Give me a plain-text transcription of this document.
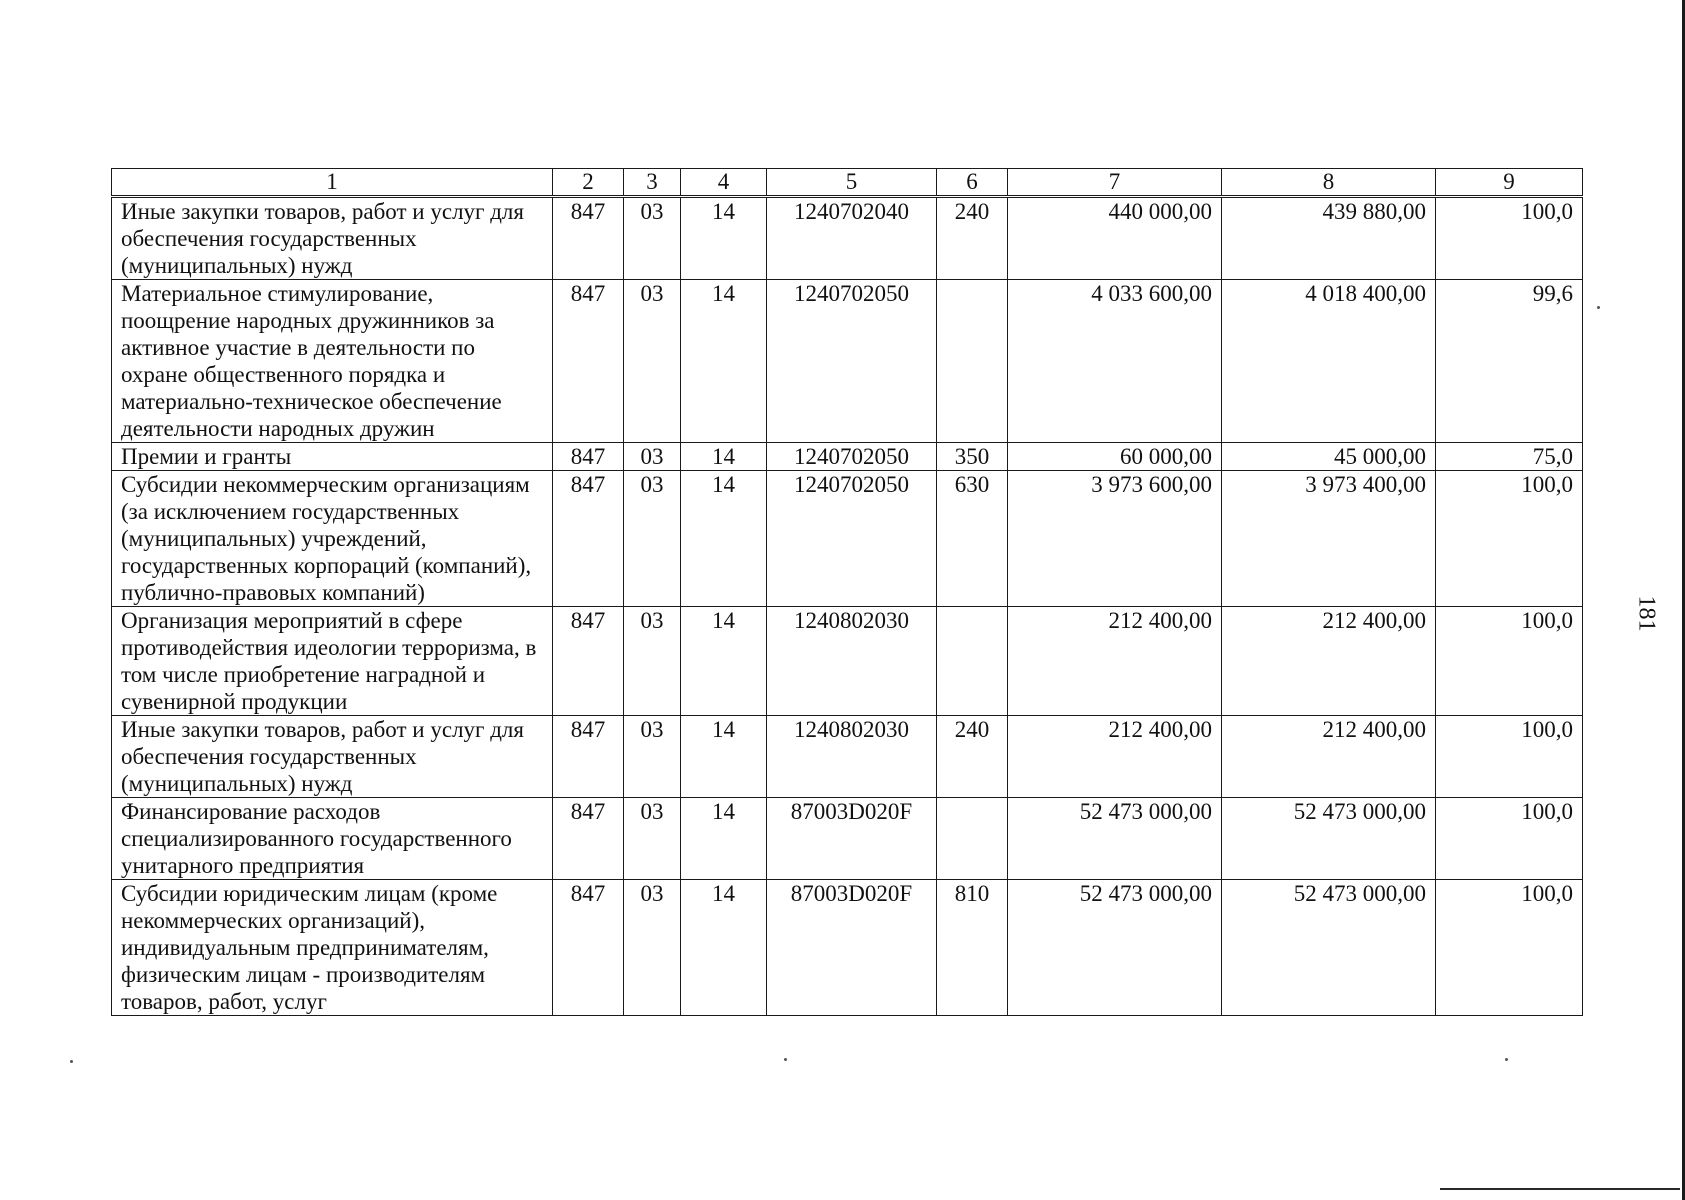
1	2	3	4	5	6	7	8	9
Иные закупки товаров, работ и услуг для обеспечения государственных (муниципальных) нужд	847	03	14	1240702040	240	440 000,00	439 880,00	100,0
Материальное стимулирование, поощрение народных дружинников за активное участие в деятельности по охране общественного порядка и материально-техническое обеспечение деятельности народных дружин	847	03	14	1240702050		4 033 600,00	4 018 400,00	99,6
Премии и гранты	847	03	14	1240702050	350	60 000,00	45 000,00	75,0
Субсидии некоммерческим организациям (за исключением государственных (муниципальных) учреждений, государственных корпораций (компаний), публично-правовых компаний)	847	03	14	1240702050	630	3 973 600,00	3 973 400,00	100,0
Организация мероприятий в сфере противодействия идеологии терроризма, в том числе приобретение наградной и сувенирной продукции	847	03	14	1240802030		212 400,00	212 400,00	100,0
Иные закупки товаров, работ и услуг для обеспечения государственных (муниципальных) нужд	847	03	14	1240802030	240	212 400,00	212 400,00	100,0
Финансирование расходов специализированного государственного унитарного предприятия	847	03	14	87003D020F		52 473 000,00	52 473 000,00	100,0
Субсидии юридическим лицам (кроме некоммерческих организаций), индивидуальным предпринимателям, физическим лицам - производителям товаров, работ, услуг	847	03	14	87003D020F	810	52 473 000,00	52 473 000,00	100,0
181
